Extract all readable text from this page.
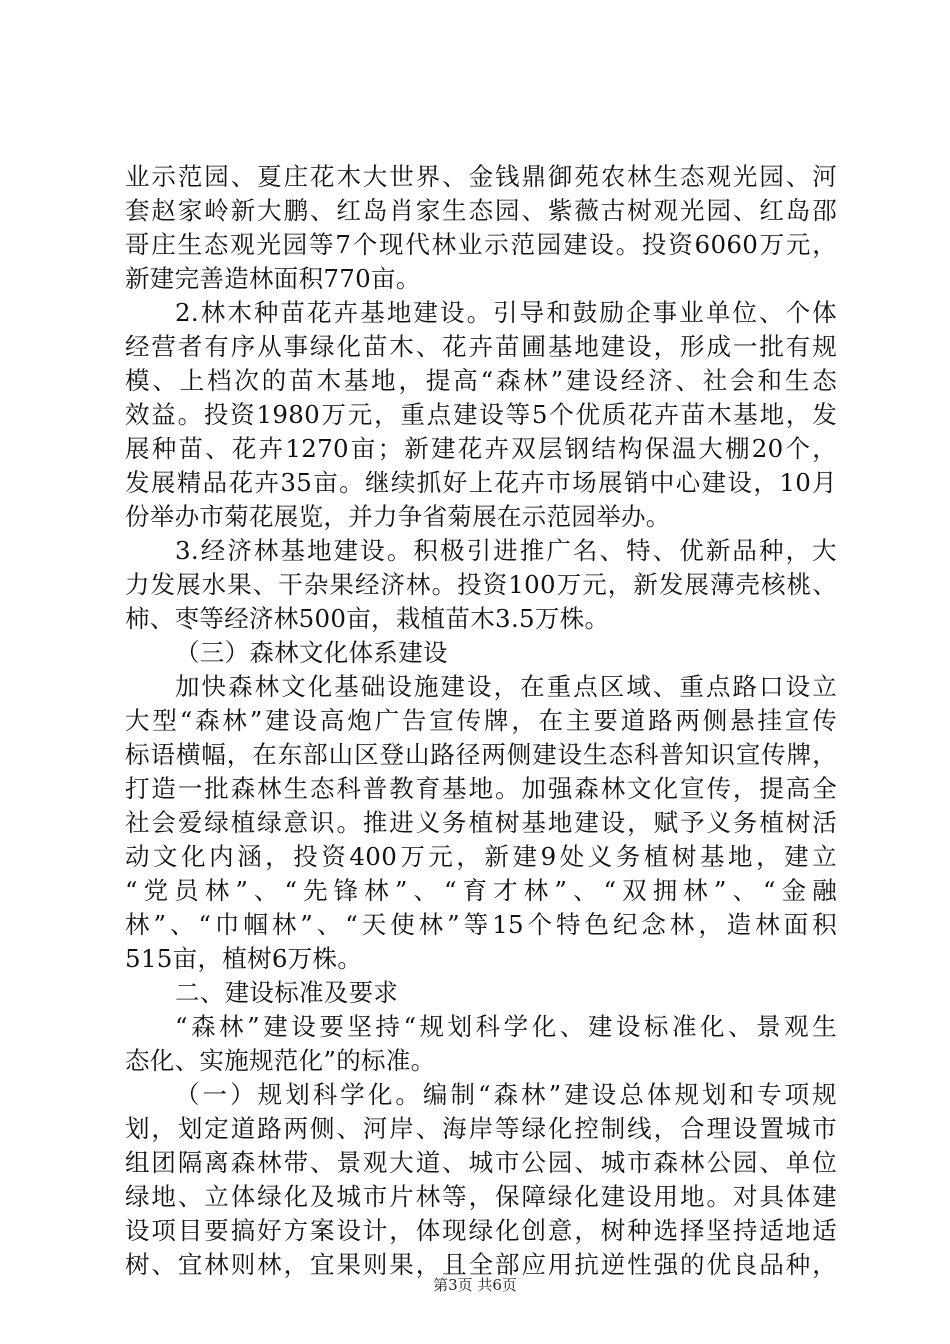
业示范园、夏庄花木大世界、金钱鼎御苑农林生态观光园、河
套赵家岭新大鹏、红岛肖家生态园、紫薇古树观光园、红岛邵
哥庄生态观光园等7个现代林业示范园建设。投资6060万元，
新建完善造林面积770亩。
2.林木种苗花卉基地建设。引导和鼓励企事业单位、个体
经营者有序从事绿化苗木、花卉苗圃基地建设，形成一批有规
模、上档次的苗木基地，提高“森林”建设经济、社会和生态
效益。投资1980万元，重点建设等5个优质花卉苗木基地，发
展种苗、花卉1270亩；新建花卉双层钢结构保温大棚20个，
发展精品花卉35亩。继续抓好上花卉市场展销中心建设，10月
份举办市菊花展览，并力争省菊展在示范园举办。
3.经济林基地建设。积极引进推广名、特、优新品种，大
力发展水果、干杂果经济林。投资100万元，新发展薄壳核桃、
柿、枣等经济林500亩，栽植苗木3.5万株。
（三）森林文化体系建设
加快森林文化基础设施建设，在重点区域、重点路口设立
大型“森林”建设高炮广告宣传牌，在主要道路两侧悬挂宣传
标语横幅，在东部山区登山路径两侧建设生态科普知识宣传牌，
打造一批森林生态科普教育基地。加强森林文化宣传，提高全
社会爱绿植绿意识。推进义务植树基地建设，赋予义务植树活
动文化内涵，投资400万元，新建9处义务植树基地，建立
“党员林”、“先锋林”、“育才林”、“双拥林”、“金融
林”、“巾帼林”、“天使林”等15个特色纪念林，造林面积
515亩，植树6万株。
二、建设标准及要求
“森林”建设要坚持“规划科学化、建设标准化、景观生
态化、实施规范化”的标准。
（一）规划科学化。编制“森林”建设总体规划和专项规
划，划定道路两侧、河岸、海岸等绿化控制线，合理设置城市
组团隔离森林带、景观大道、城市公园、城市森林公园、单位
绿地、立体绿化及城市片林等，保障绿化建设用地。对具体建
设项目要搞好方案设计，体现绿化创意，树种选择坚持适地适
树、宜林则林，宜果则果，且全部应用抗逆性强的优良品种，
第3页 共6页
